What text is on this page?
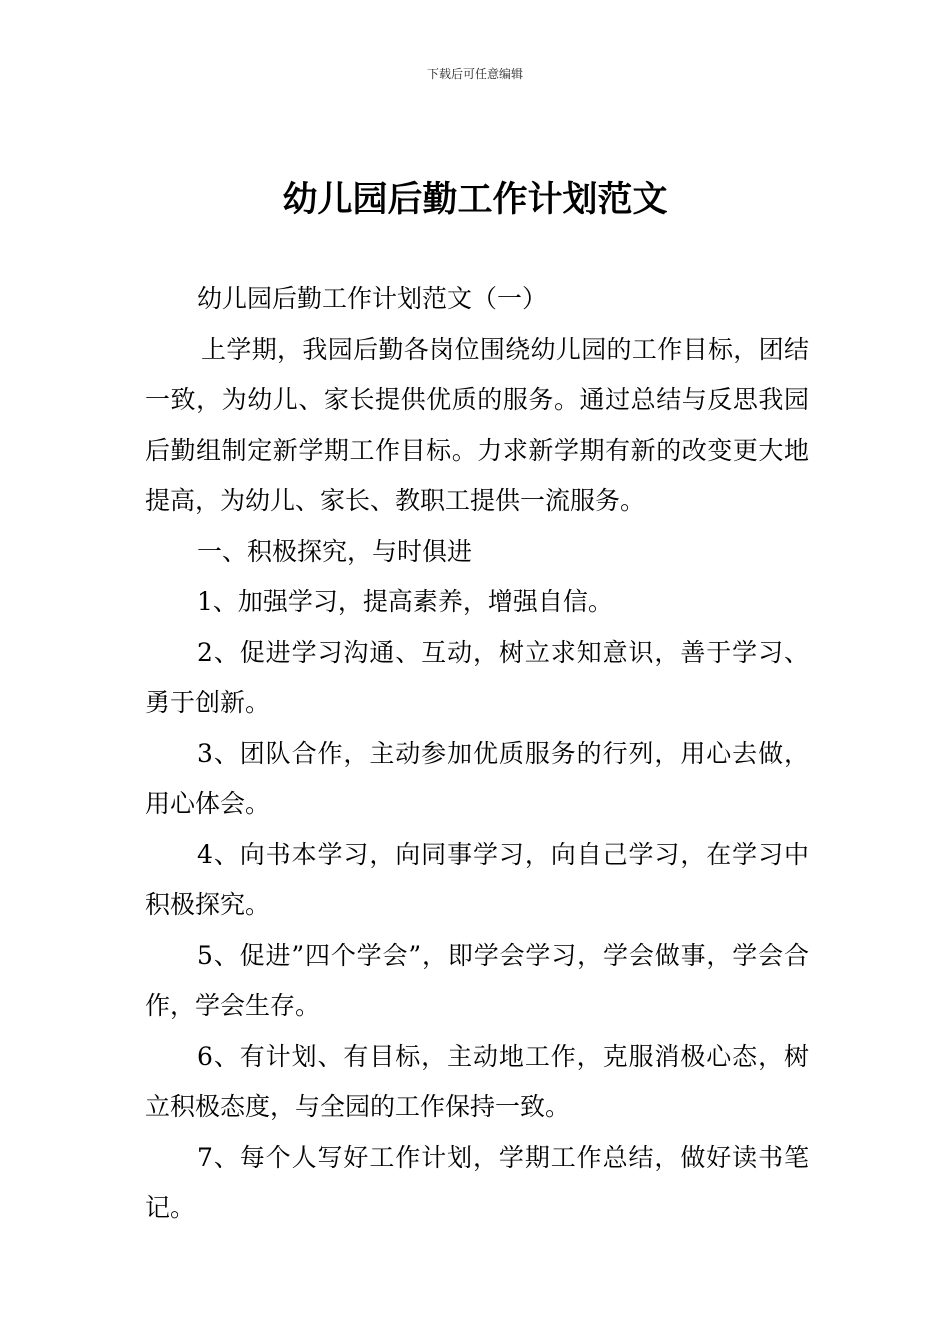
下载后可任意编辑
幼儿园后勤工作计划范文

幼儿园后勤工作计划范文（一）

上学期，我园后勤各岗位围绕幼儿园的工作目标，团结一致，为幼儿、家长提供优质的服务。通过总结与反思我园后勤组制定新学期工作目标。力求新学期有新的改变更大地提高，为幼儿、家长、教职工提供一流服务。

一、积极探究，与时俱进

1、加强学习，提高素养，增强自信。

2、促进学习沟通、互动，树立求知意识，善于学习、勇于创新。

3、团队合作，主动参加优质服务的行列，用心去做，用心体会。

4、向书本学习，向同事学习，向自己学习，在学习中积极探究。

5、促进”四个学会”，即学会学习，学会做事，学会合作，学会生存。

6、有计划、有目标，主动地工作，克服消极心态，树立积极态度，与全园的工作保持一致。

7、每个人写好工作计划，学期工作总结，做好读书笔记。
